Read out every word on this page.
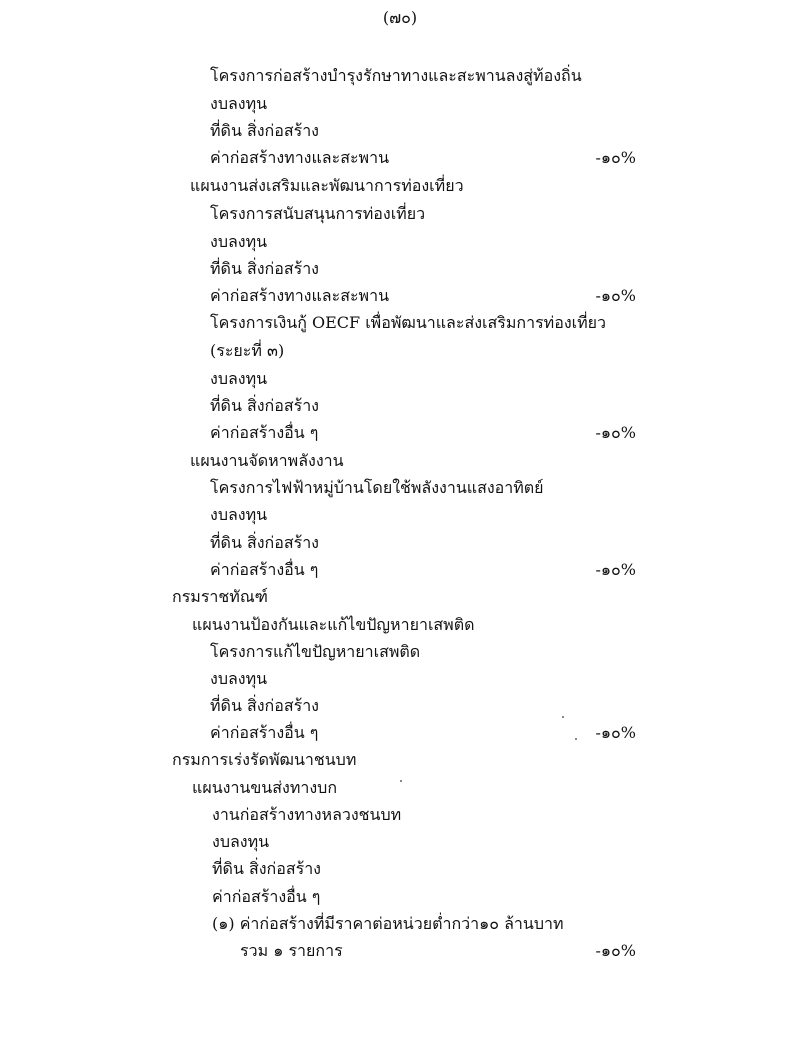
(๗๐)
โครงการก่อสร้างบำรุงรักษาทางและสะพานลงสู่ท้องถิ่น
งบลงทุน
ที่ดิน สิ่งก่อสร้าง
ค่าก่อสร้างทางและสะพาน	-๑๐%
แผนงานส่งเสริมและพัฒนาการท่องเที่ยว
โครงการสนับสนุนการท่องเที่ยว
งบลงทุน
ที่ดิน สิ่งก่อสร้าง
ค่าก่อสร้างทางและสะพาน	-๑๐%
โครงการเงินกู้ OECF เพื่อพัฒนาและส่งเสริมการท่องเที่ยว
(ระยะที่ ๓)
งบลงทุน
ที่ดิน สิ่งก่อสร้าง
ค่าก่อสร้างอื่น ๆ	-๑๐%
แผนงานจัดหาพลังงาน
โครงการไฟฟ้าหมู่บ้านโดยใช้พลังงานแสงอาทิตย์
งบลงทุน
ที่ดิน สิ่งก่อสร้าง
ค่าก่อสร้างอื่น ๆ	-๑๐%
กรมราชทัณฑ์
แผนงานป้องกันและแก้ไขปัญหายาเสพติด
โครงการแก้ไขปัญหายาเสพติด
งบลงทุน
ที่ดิน สิ่งก่อสร้าง
ค่าก่อสร้างอื่น ๆ	-๑๐%
กรมการเร่งรัดพัฒนาชนบท
แผนงานขนส่งทางบก
งานก่อสร้างทางหลวงชนบท
งบลงทุน
ที่ดิน สิ่งก่อสร้าง
ค่าก่อสร้างอื่น ๆ
(๑) ค่าก่อสร้างที่มีราคาต่อหน่วยต่ำกว่า๑๐ ล้านบาท
รวม ๑ รายการ	-๑๐%
